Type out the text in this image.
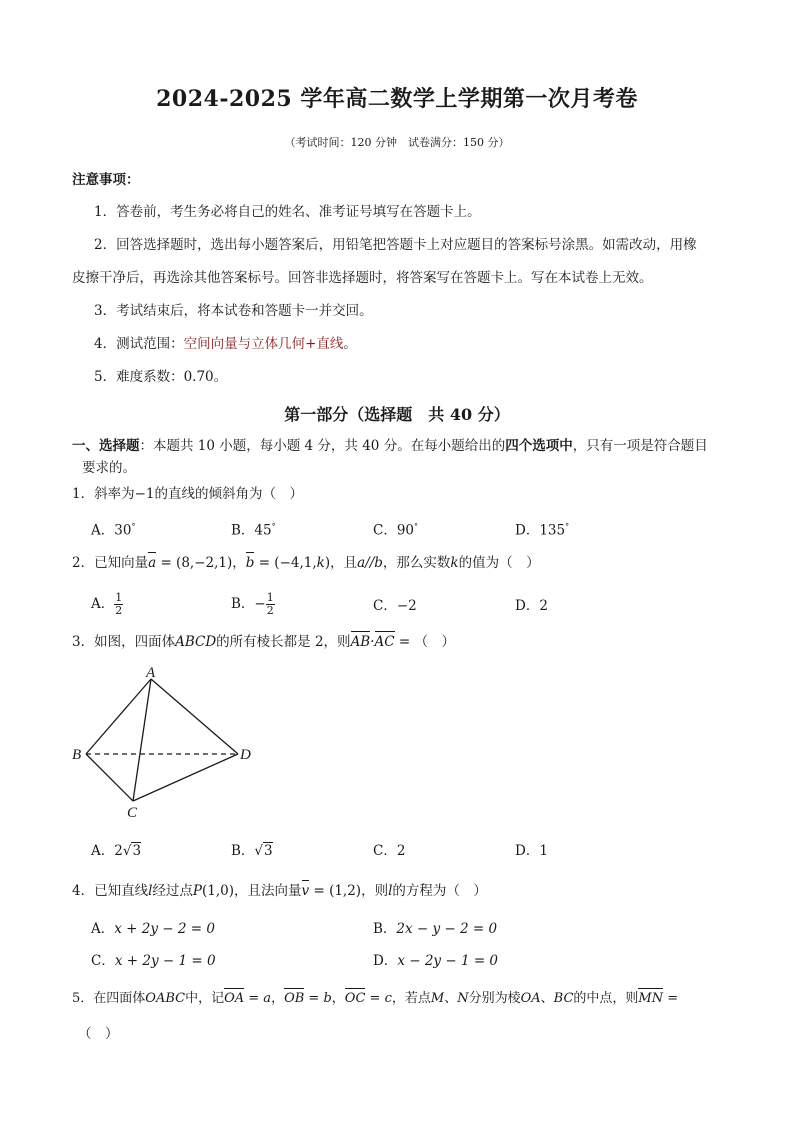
2024-2025 学年高二数学上学期第一次月考卷
（考试时间：120 分钟　试卷满分：150 分）
注意事项：
1．答卷前，考生务必将自己的姓名、准考证号填写在答题卡上。
2．回答选择题时，选出每小题答案后，用铅笔把答题卡上对应题目的答案标号涂黑。如需改动，用橡
皮擦干净后，再选涂其他答案标号。回答非选择题时，将答案写在答题卡上。写在本试卷上无效。
3．考试结束后，将本试卷和答题卡一并交回。
4．测试范围：空间向量与立体几何+直线。
5．难度系数：0.70。
第一部分（选择题　共 40 分）
一、选择题：本题共 10 小题，每小题 4 分，共 40 分。在每小题给出的四个选项中，只有一项是符合题目
要求的。
1．斜率为−1的直线的倾斜角为（　）
A．30°	B．45°	C．90°	D．135°
2．已知向量a = (8,−2,1)，b = (−4,1,k)，且a//b，那么实数k的值为（　）
A． $\frac{1}{2}$	B．− $\frac{1}{2}$	C．−2	D．2
3．如图，四面体ABCD的所有棱长都是 2，则AB·AC = （　）
A
B
C
D
A．2√3	B．√3	C．2	D．1
4．已知直线l经过点P(1,0)，且法向量v = (1,2)，则l的方程为（　）
A．x + 2y − 2 = 0	B．2x − y − 2 = 0
C．x + 2y − 1 = 0	D．x − 2y − 1 = 0
5．在四面体OABC中，记OA = a，OB = b，OC = c，若点M、N分别为棱OA、BC的中点，则MN =
（　）
